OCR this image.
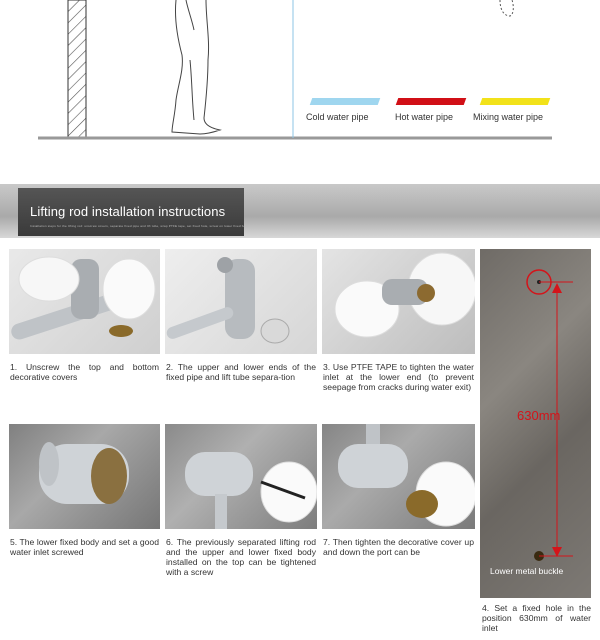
Cold water pipe	Hot water pipe Mixing water pipe
Lifting rod installation instructions
Installation steps for the lifting rod: unscrew covers, separate fixed pipe and lift tube, wrap PTFE tape, set fixed hole, screw on lower fixed body

1. Unscrew the top and bottom decorative covers

2. The upper and lower ends of the fixed pipe and lift tube separa-tion

3. Use PTFE TAPE to tighten the water inlet at the lower end (to prevent seepage from cracks during water exit)

5. The lower fixed body and set a good water inlet screwed

6. The previously separated lifting rod and the upper and lower fixed body installed on the top can be tightened with a screw

7. Then tighten the decorative cover up and down the port can be

630mm
Lower metal buckle

4. Set a fixed hole in the position 630mm of water inlet
